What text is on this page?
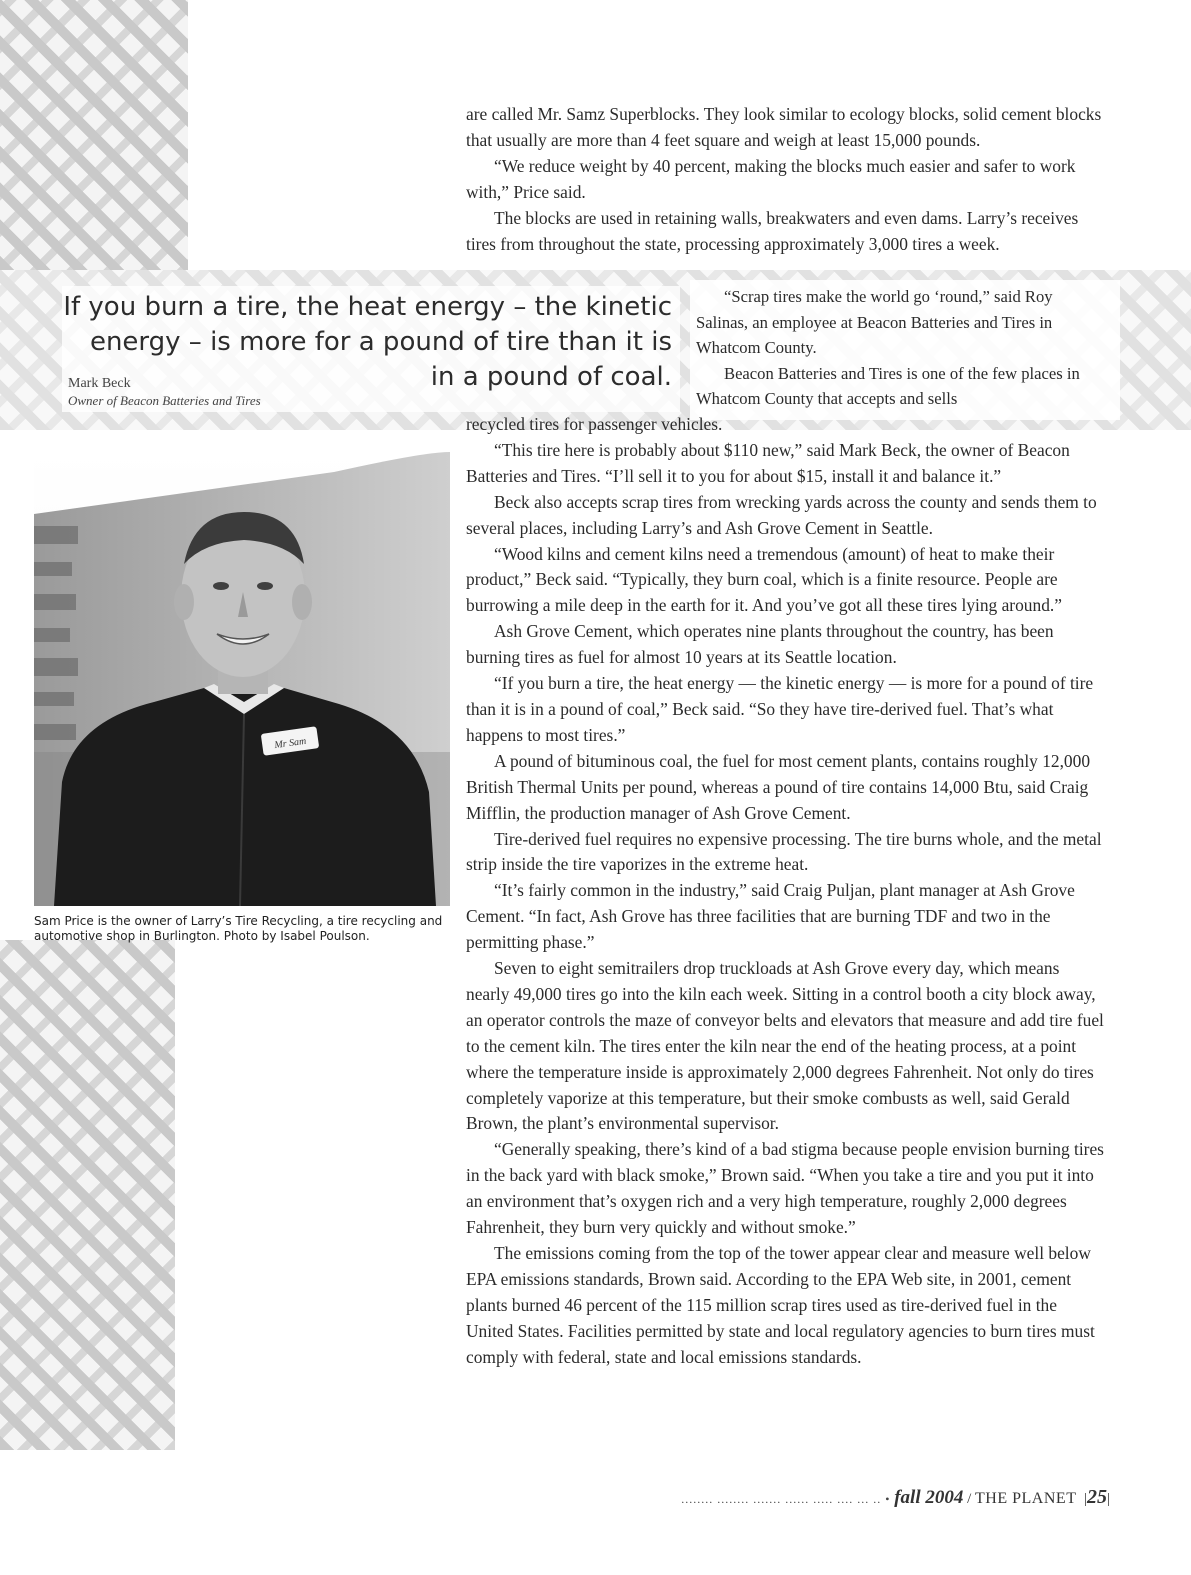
are called Mr. Samz Superblocks. They look similar to ecology blocks, solid cement blocks that usually are more than 4 feet square and weigh at least 15,000 pounds.

“We reduce weight by 40 percent, making the blocks much easier and safer to work with,” Price said.

The blocks are used in retaining walls, breakwaters and even dams. Larry’s receives tires from throughout the state, processing approximately 3,000 tires a week.

If you burn a tire, the heat energy – the kinetic energy – is more for a pound of tire than it is in a pound of coal.

Mark Beck
Owner of Beacon Batteries and Tires

“Scrap tires make the world go ‘round,” said Roy Salinas, an employee at Beacon Batteries and Tires in Whatcom County.

Beacon Batteries and Tires is one of the few places in Whatcom County that accepts and sells

recycled tires for passenger vehicles.

“This tire here is probably about $110 new,” said Mark Beck, the owner of Beacon Batteries and Tires. “I’ll sell it to you for about $15, install it and balance it.”

Beck also accepts scrap tires from wrecking yards across the county and sends them to several places, including Larry’s and Ash Grove Cement in Seattle.

“Wood kilns and cement kilns need a tremendous (amount) of heat to make their product,” Beck said. “Typically, they burn coal, which is a finite resource. People are burrowing a mile deep in the earth for it. And you’ve got all these tires lying around.”

Ash Grove Cement, which operates nine plants throughout the country, has been burning tires as fuel for almost 10 years at its Seattle location.

“If you burn a tire, the heat energy — the kinetic energy — is more for a pound of tire than it is in a pound of coal,” Beck said. “So they have tire-derived fuel. That’s what happens to most tires.”

A pound of bituminous coal, the fuel for most cement plants, contains roughly 12,000 British Thermal Units per pound, whereas a pound of tire contains 14,000 Btu, said Craig Mifflin, the production manager of Ash Grove Cement.

Tire-derived fuel requires no expensive processing. The tire burns whole, and the metal strip inside the tire vaporizes in the extreme heat.

“It’s fairly common in the industry,” said Craig Puljan, plant manager at Ash Grove Cement. “In fact, Ash Grove has three facilities that are burning TDF and two in the permitting phase.”

Seven to eight semitrailers drop truckloads at Ash Grove every day, which means nearly 49,000 tires go into the kiln each week. Sitting in a control booth a city block away, an operator controls the maze of conveyor belts and elevators that measure and add tire fuel to the cement kiln. The tires enter the kiln near the end of the heating process, at a point where the temperature inside is approximately 2,000 degrees Fahrenheit. Not only do tires completely vaporize at this temperature, but their smoke combusts as well, said Gerald Brown, the plant’s environmental supervisor.

“Generally speaking, there’s kind of a bad stigma because people envision burning tires in the back yard with black smoke,” Brown said. “When you take a tire and you put it into an environment that’s oxygen rich and a very high temperature, roughly 2,000 degrees Fahrenheit, they burn very quickly and without smoke.”

The emissions coming from the top of the tower appear clear and measure well below EPA emissions standards, Brown said. According to the EPA Web site, in 2001, cement plants burned 46 percent of the 115 million scrap tires used as tire-derived fuel in the United States. Facilities permitted by state and local regulatory agencies to burn tires must comply with federal, state and local emissions standards.

Mr Sam

Sam Price is the owner of Larry’s Tire Recycling, a tire recycling and automotive shop in Burlington. Photo by Isabel Poulson.

........ ........ ....... ...... ..... .... ... .. • fall 2004 / THE PLANET  |25|
